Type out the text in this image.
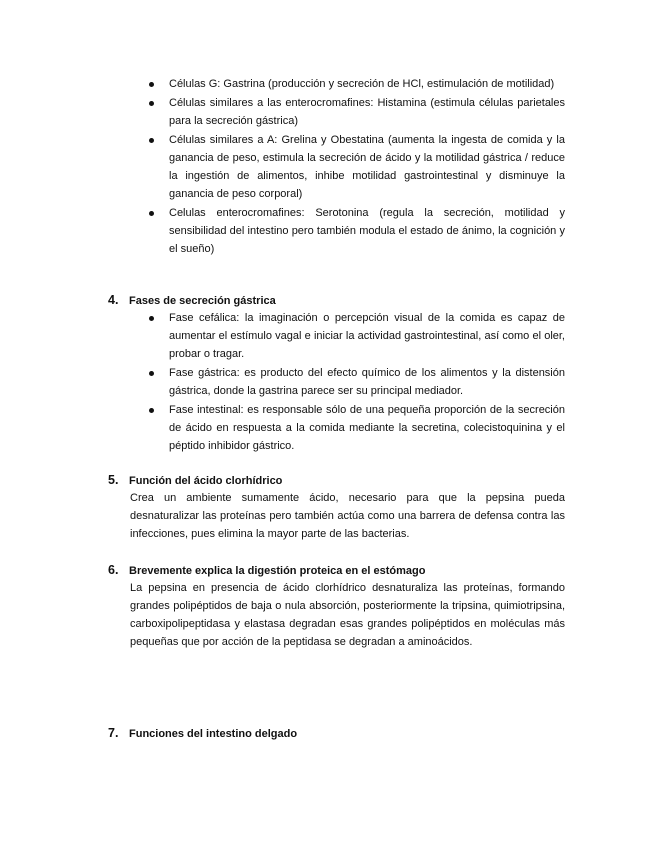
Células G: Gastrina (producción y secreción de HCl, estimulación de motilidad)
Células similares a las enterocromafines: Histamina (estimula células parietales para la secreción gástrica)
Células similares a A: Grelina y Obestatina (aumenta la ingesta de comida y la ganancia de peso, estimula la secreción de ácido y la motilidad gástrica / reduce la ingestión de alimentos, inhibe motilidad gastrointestinal y disminuye la ganancia de peso corporal)
Celulas enterocromafines: Serotonina (regula la secreción, motilidad y sensibilidad del intestino pero también modula el estado de ánimo, la cognición y el sueño)
4. Fases de secreción gástrica
Fase cefálica: la imaginación o percepción visual de la comida es capaz de aumentar el estímulo vagal e iniciar la actividad gastrointestinal, así como el oler, probar o tragar.
Fase gástrica: es producto del efecto químico de los alimentos y la distensión gástrica, donde la gastrina parece ser su principal mediador.
Fase intestinal: es responsable sólo de una pequeña proporción de la secreción de ácido en respuesta a la comida mediante la secretina, colecistoquinina y el péptido inhibidor gástrico.
5. Función del ácido clorhídrico

Crea un ambiente sumamente ácido, necesario para que la pepsina pueda desnaturalizar las proteínas pero también actúa como una barrera de defensa contra las infecciones, pues elimina la mayor parte de las bacterias.

6. Brevemente explica la digestión proteica en el estómago

La pepsina en presencia de ácido clorhídrico desnaturaliza las proteínas, formando grandes polipéptidos de baja o nula absorción, posteriormente la tripsina, quimiotripsina, carboxipolipeptidasa y elastasa degradan esas grandes polipéptidos en moléculas más pequeñas que por acción de la peptidasa se degradan a aminoácidos.

7. Funciones del intestino delgado
